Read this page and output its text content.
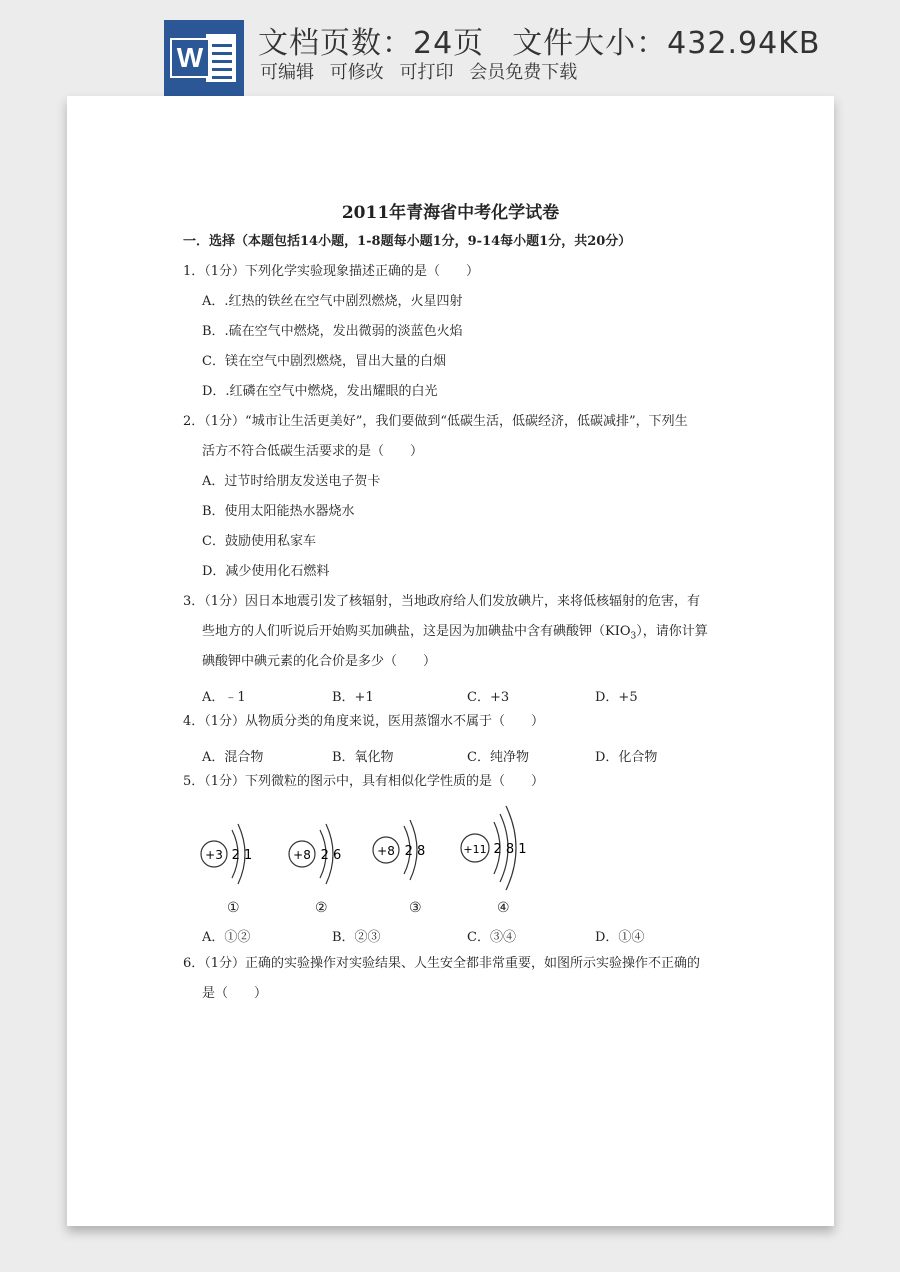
W 文档页数：24页 文件大小：432.94KB
可编辑 可修改 可打印 会员免费下载
2011年青海省中考化学试卷
一．选择（本题包括14小题，1-8题每小题1分，9-14每小题1分，共20分）
1．（1分）下列化学实验现象描述正确的是（　　）
A．.红热的铁丝在空气中剧烈燃烧，火星四射
B．.硫在空气中燃烧，发出微弱的淡蓝色火焰
C．镁在空气中剧烈燃烧，冒出大量的白烟
D．.红磷在空气中燃烧，发出耀眼的白光
2．（1分）“城市让生活更美好”，我们要做到“低碳生活，低碳经济，低碳减排”，下列生
活方不符合低碳生活要求的是（　　）
A．过节时给朋友发送电子贺卡
B．使用太阳能热水器烧水
C．鼓励使用私家车
D．减少使用化石燃料
3．（1分）因日本地震引发了核辐射，当地政府给人们发放碘片，来将低核辐射的危害，有
些地方的人们听说后开始购买加碘盐，这是因为加碘盐中含有碘酸钾$(KIO_3)$，请你计算
碘酸钾中碘元素的化合价是多少（　　）
A．﹣1	B．+1	C．+3	D．+5
4．（1分）从物质分类的角度来说，医用蒸馏水不属于（　　）
A．混合物	B．氧化物	C．纯净物	D．化合物
5．（1分）下列微粒的图示中，具有相似化学性质的是（　　）
+3 2 1	+8 2 6	+8 2 8	+11 2 8 1
①	②	③	④
A．①②	B．②③	C．③④	D．①④
6．（1分）正确的实验操作对实验结果、人生安全都非常重要，如图所示实验操作不正确的
是（　　）
